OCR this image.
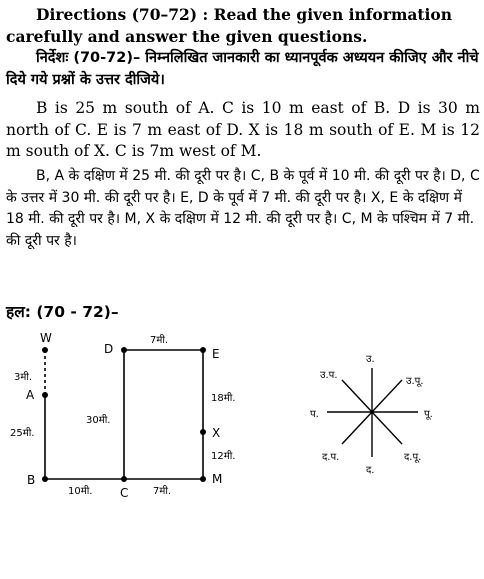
Directions (70–72) : Read the given information carefully and answer the given questions.
निर्देशः (70-72)– निम्नलिखित जानकारी का ध्यानपूर्वक अध्ययन कीजिए और नीचे दिये गये प्रश्नों के उत्तर दीजिये।
B is 25 m south of A. C is 10 m east of B. D is 30 m north of C. E is 7 m east of D. X is 18 m south of E. M is 12 m south of X. C is 7m west of M.
B, A के दक्षिण में 25 मी. की दूरी पर है। C, B के पूर्व में 10 मी. की दूरी पर है। D, C के उत्तर में 30 मी. की दूरी पर है। E, D के पूर्व में 7 मी. की दूरी पर है। X, E के दक्षिण में 18 मी. की दूरी पर है। M, X के दक्षिण में 12 मी. की दूरी पर है। C, M के पश्चिम में 7 मी. की दूरी पर है।
हल: (70 - 72)–
W
A
B
C
D	E
X
M
3मी.
25मी.
10मी.
30मी.
7मी.
18मी.
12मी.
7मी.
उ.
द.
पू.
प.
उ.पू.
उ.प.
द.पू.
द.प.
